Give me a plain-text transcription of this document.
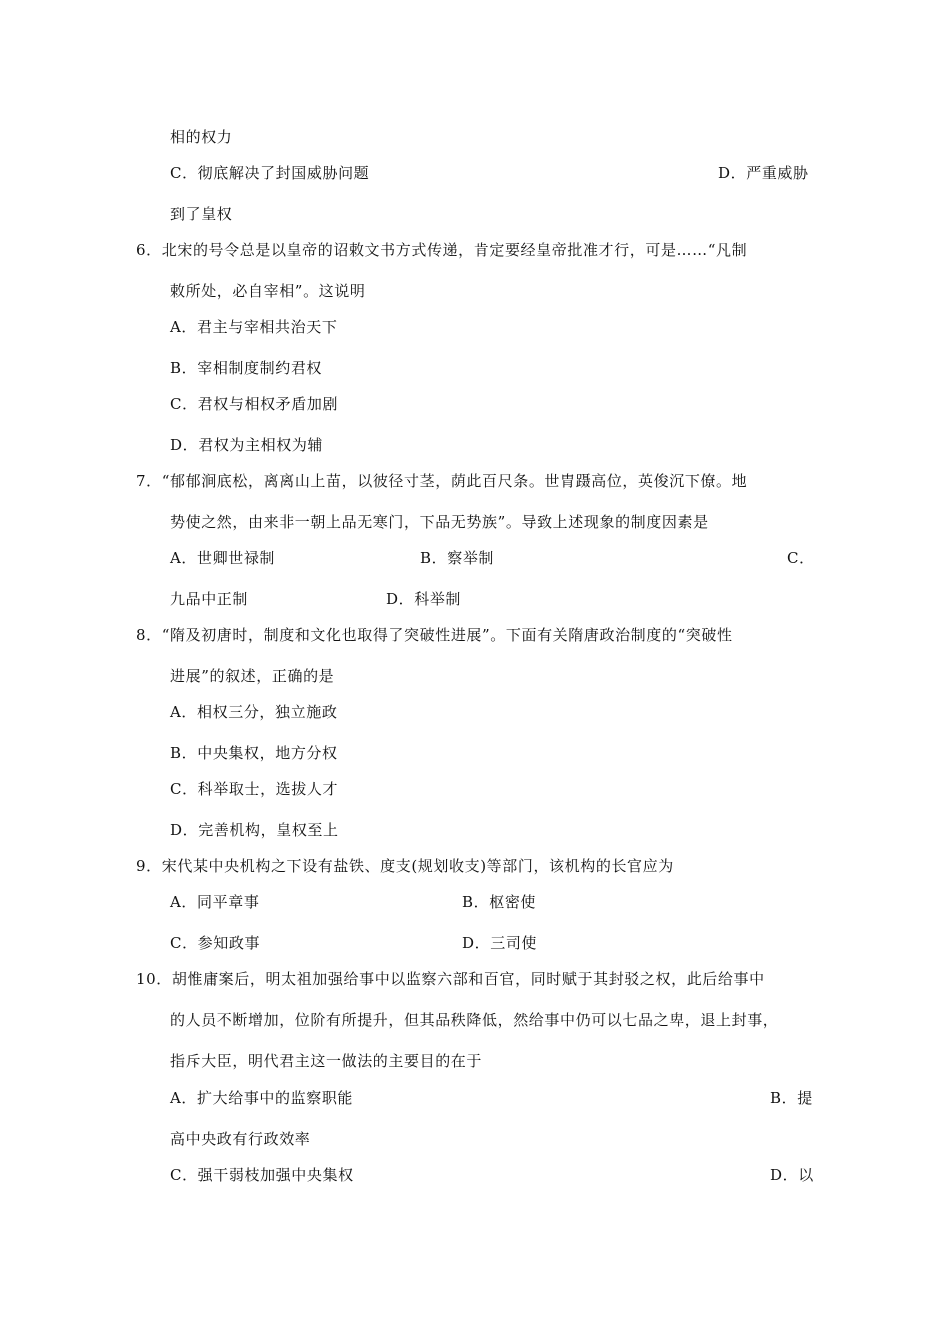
相的权力
C．彻底解决了封国威胁问题	D．严重威胁
到了皇权
6．北宋的号令总是以皇帝的诏敕文书方式传递，肯定要经皇帝批准才行，可是……“凡制
敕所处，必自宰相”。这说明
A．君主与宰相共治天下
B．宰相制度制约君权
C．君权与相权矛盾加剧
D．君权为主相权为辅
7．“郁郁涧底松，离离山上苗，以彼径寸茎，荫此百尺条。世胄蹑高位，英俊沉下僚。地
势使之然，由来非一朝上品无寒门，下品无势族”。导致上述现象的制度因素是
A．世卿世禄制	B．察举制	C．
九品中正制	D．科举制
8．“隋及初唐时，制度和文化也取得了突破性进展”。下面有关隋唐政治制度的“突破性
进展”的叙述，正确的是
A．相权三分，独立施政
B．中央集权，地方分权
C．科举取士，选拔人才
D．完善机构，皇权至上
9．宋代某中央机构之下设有盐铁、度支(规划收支)等部门，该机构的长官应为
A．同平章事	B．枢密使
C．参知政事	D．三司使
10．胡惟庸案后，明太祖加强给事中以监察六部和百官，同时赋于其封驳之权，此后给事中
的人员不断增加，位阶有所提升，但其品秩降低，然给事中仍可以七品之卑，退上封事，
指斥大臣，明代君主这一做法的主要目的在于
A．扩大给事中的监察职能	B．提
高中央政有行政效率
C．强干弱枝加强中央集权	D．以
